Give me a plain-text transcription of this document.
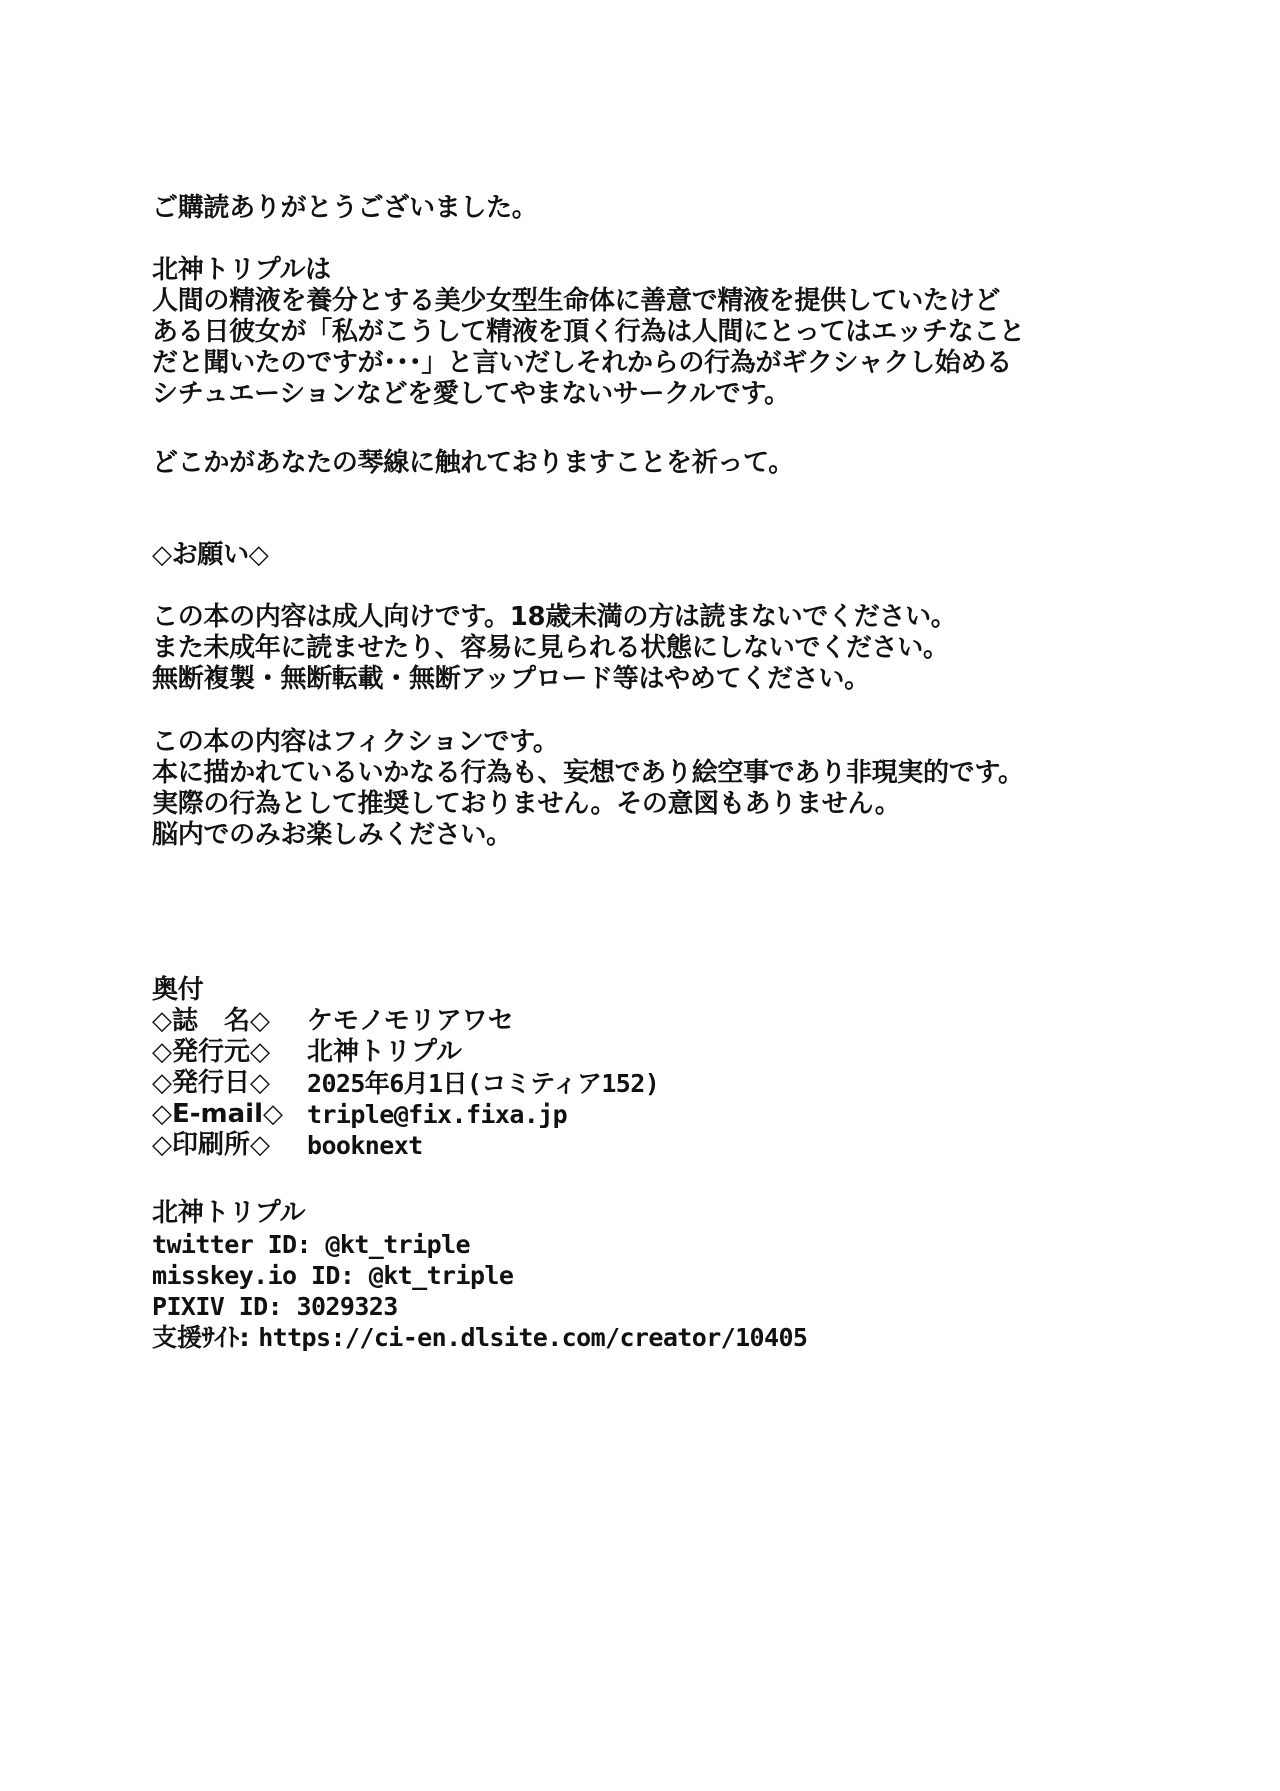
ご購読ありがとうございました。
北神トリプルは
人間の精液を養分とする美少女型生命体に善意で精液を提供していたけど
ある日彼女が「私がこうして精液を頂く行為は人間にとってはエッチなこと
だと聞いたのですが･･･」と言いだしそれからの行為がギクシャクし始める
シチュエーションなどを愛してやまないサークルです。
どこかがあなたの琴線に触れておりますことを祈って。
◇お願い◇
この本の内容は成人向けです。18歳未満の方は読まないでください。
また未成年に読ませたり、容易に見られる状態にしないでください。
無断複製・無断転載・無断アップロード等はやめてください。
この本の内容はフィクションです。
本に描かれているいかなる行為も、妄想であり絵空事であり非現実的です。
実際の行為として推奨しておりません。その意図もありません。
脳内でのみお楽しみください。
奥付
◇誌　名◇	ケモノモリアワセ
◇発行元◇	北神トリプル
◇発行日◇	2025年6月1日(コミティア152)
◇E-mail◇ triple@fix.fixa.jp
◇印刷所◇	booknext
北神トリプル
twitter ID: @kt_triple
misskey.io ID: @kt_triple
PIXIV ID: 3029323
支援ｻｲﾄ: https://ci-en.dlsite.com/creator/10405
